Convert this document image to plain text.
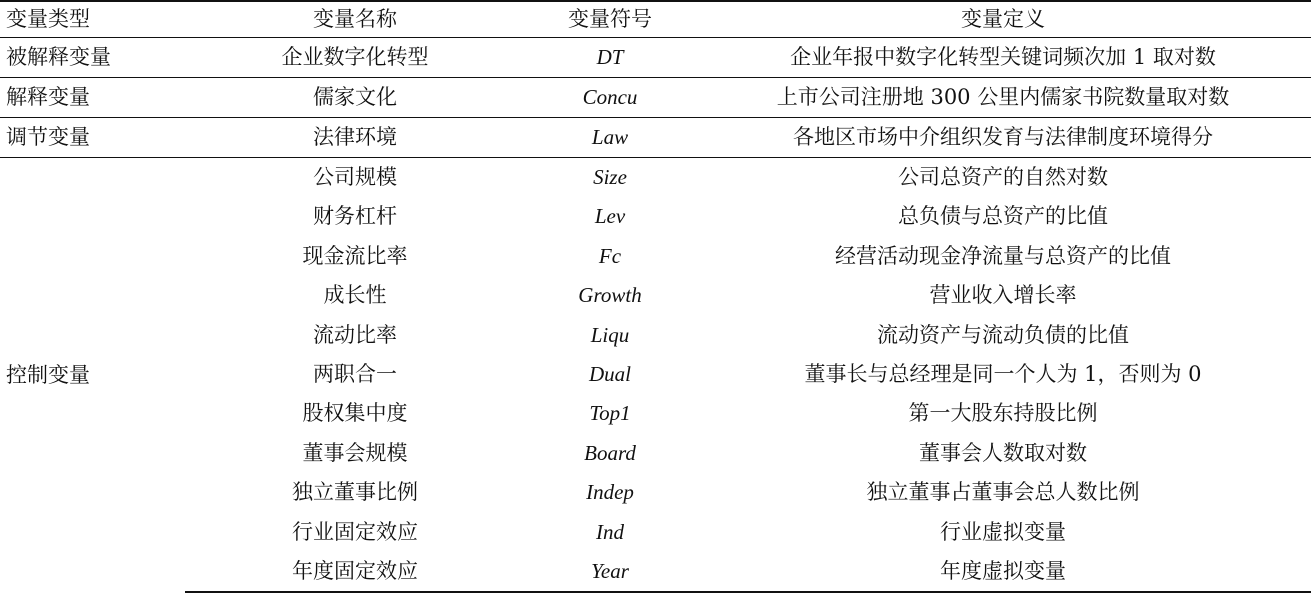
变量类型	变量名称	变量符号	变量定义
被解释变量	企业数字化转型	DT	企业年报中数字化转型关键词频次加 1 取对数
解释变量	儒家文化	Concu	上市公司注册地 300 公里内儒家书院数量取对数
调节变量	法律环境	Law	各地区市场中介组织发育与法律制度环境得分
控制变量	公司规模	Size	公司总资产的自然对数
	财务杠杆	Lev	总负债与总资产的比值
	现金流比率	Fc	经营活动现金净流量与总资产的比值
	成长性	Growth	营业收入增长率
	流动比率	Liqu	流动资产与流动负债的比值
	两职合一	Dual	董事长与总经理是同一个人为 1，否则为 0
	股权集中度	Top1	第一大股东持股比例
	董事会规模	Board	董事会人数取对数
	独立董事比例	Indep	独立董事占董事会总人数比例
	行业固定效应	Ind	行业虚拟变量
	年度固定效应	Year	年度虚拟变量
